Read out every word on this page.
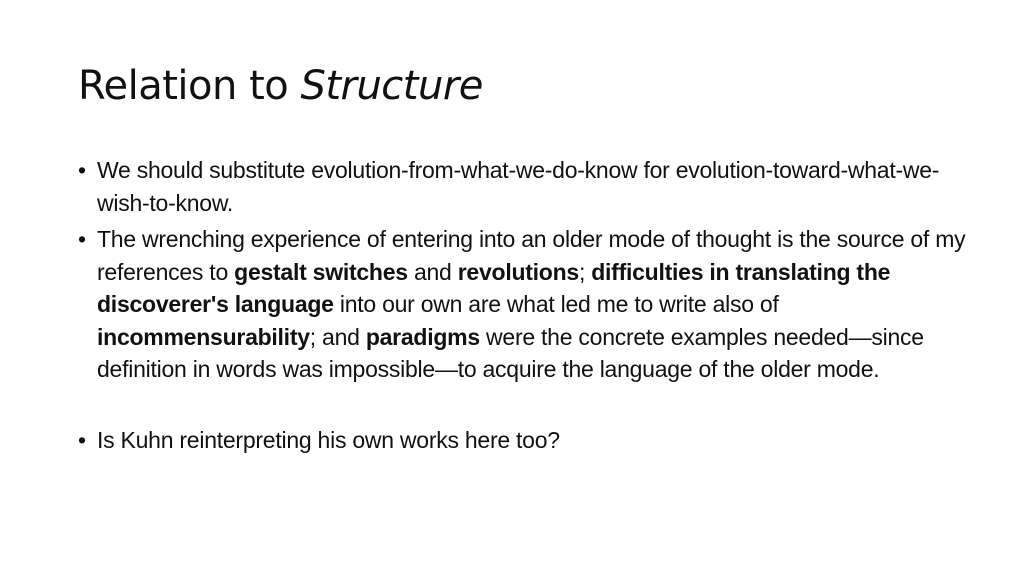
Relation to Structure
• We should substitute evolution-from-what-we-do-know for evolution-toward-what-we-wish-to-know.
• The wrenching experience of entering into an older mode of thought is the source of my references to gestalt switches and revolutions; difficulties in translating the discoverer's language into our own are what led me to write also of incommensurability; and paradigms were the concrete examples needed—since definition in words was impossible—to acquire the language of the older mode.
• Is Kuhn reinterpreting his own works here too?
